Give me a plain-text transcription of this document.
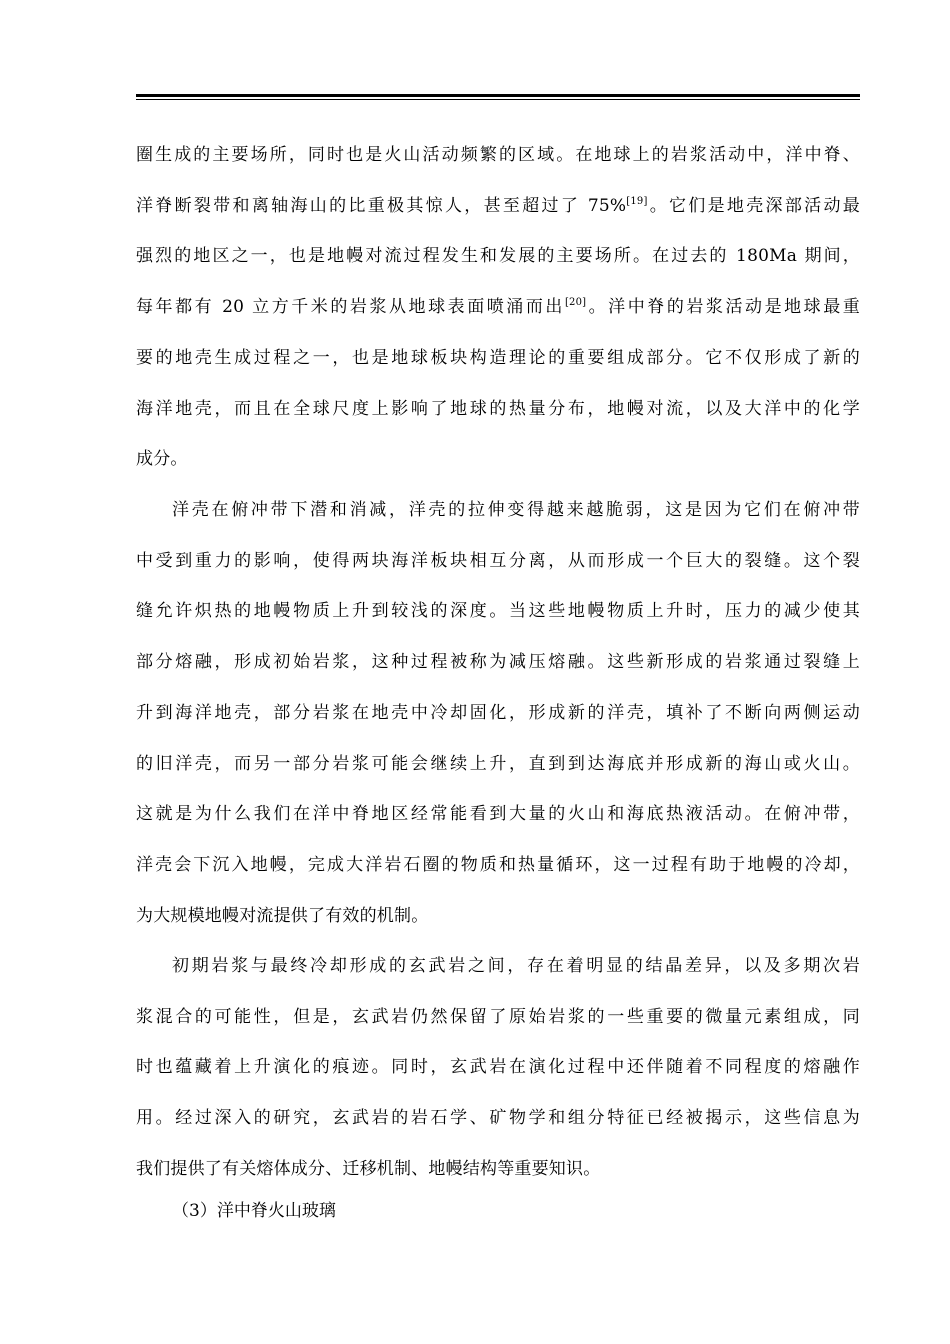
圈生成的主要场所，同时也是火山活动频繁的区域。在地球上的岩浆活动中，洋中脊、
洋脊断裂带和离轴海山的比重极其惊人，甚至超过了 75%[19]。它们是地壳深部活动最
强烈的地区之一，也是地幔对流过程发生和发展的主要场所。在过去的 180Ma 期间，
每年都有 20 立方千米的岩浆从地球表面喷涌而出[20]。洋中脊的岩浆活动是地球最重
要的地壳生成过程之一，也是地球板块构造理论的重要组成部分。它不仅形成了新的
海洋地壳，而且在全球尺度上影响了地球的热量分布，地幔对流，以及大洋中的化学
成分。
洋壳在俯冲带下潜和消减，洋壳的拉伸变得越来越脆弱，这是因为它们在俯冲带
中受到重力的影响，使得两块海洋板块相互分离，从而形成一个巨大的裂缝。这个裂
缝允许炽热的地幔物质上升到较浅的深度。当这些地幔物质上升时，压力的减少使其
部分熔融，形成初始岩浆，这种过程被称为减压熔融。这些新形成的岩浆通过裂缝上
升到海洋地壳，部分岩浆在地壳中冷却固化，形成新的洋壳，填补了不断向两侧运动
的旧洋壳，而另一部分岩浆可能会继续上升，直到到达海底并形成新的海山或火山。
这就是为什么我们在洋中脊地区经常能看到大量的火山和海底热液活动。在俯冲带，
洋壳会下沉入地幔，完成大洋岩石圈的物质和热量循环，这一过程有助于地幔的冷却，
为大规模地幔对流提供了有效的机制。
初期岩浆与最终冷却形成的玄武岩之间，存在着明显的结晶差异，以及多期次岩
浆混合的可能性，但是，玄武岩仍然保留了原始岩浆的一些重要的微量元素组成，同
时也蕴藏着上升演化的痕迹。同时，玄武岩在演化过程中还伴随着不同程度的熔融作
用。经过深入的研究，玄武岩的岩石学、矿物学和组分特征已经被揭示，这些信息为
我们提供了有关熔体成分、迁移机制、地幔结构等重要知识。
（3）洋中脊火山玻璃
